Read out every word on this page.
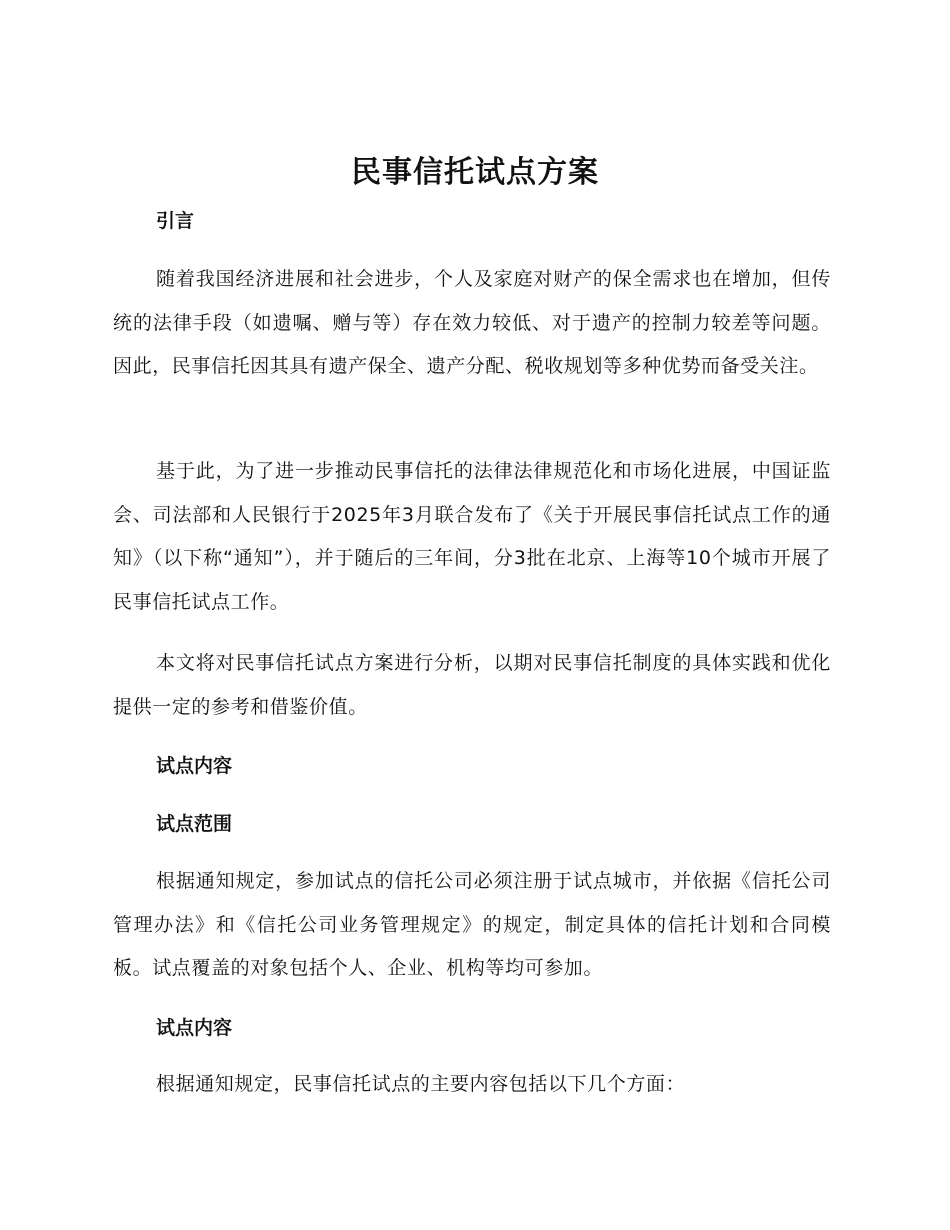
民事信托试点方案
引言
随着我国经济进展和社会进步，个人及家庭对财产的保全需求也在增加，但传统的法律手段（如遗嘱、赠与等）存在效力较低、对于遗产的控制力较差等问题。因此，民事信托因其具有遗产保全、遗产分配、税收规划等多种优势而备受关注。
基于此，为了进一步推动民事信托的法律法律规范化和市场化进展，中国证监会、司法部和人民银行于2025年3月联合发布了《关于开展民事信托试点工作的通知》（以下称“通知”），并于随后的三年间，分3批在北京、上海等10个城市开展了民事信托试点工作。
本文将对民事信托试点方案进行分析，以期对民事信托制度的具体实践和优化提供一定的参考和借鉴价值。
试点内容
试点范围
根据通知规定，参加试点的信托公司必须注册于试点城市，并依据《信托公司管理办法》和《信托公司业务管理规定》的规定，制定具体的信托计划和合同模板。试点覆盖的对象包括个人、企业、机构等均可参加。
试点内容
根据通知规定，民事信托试点的主要内容包括以下几个方面：
